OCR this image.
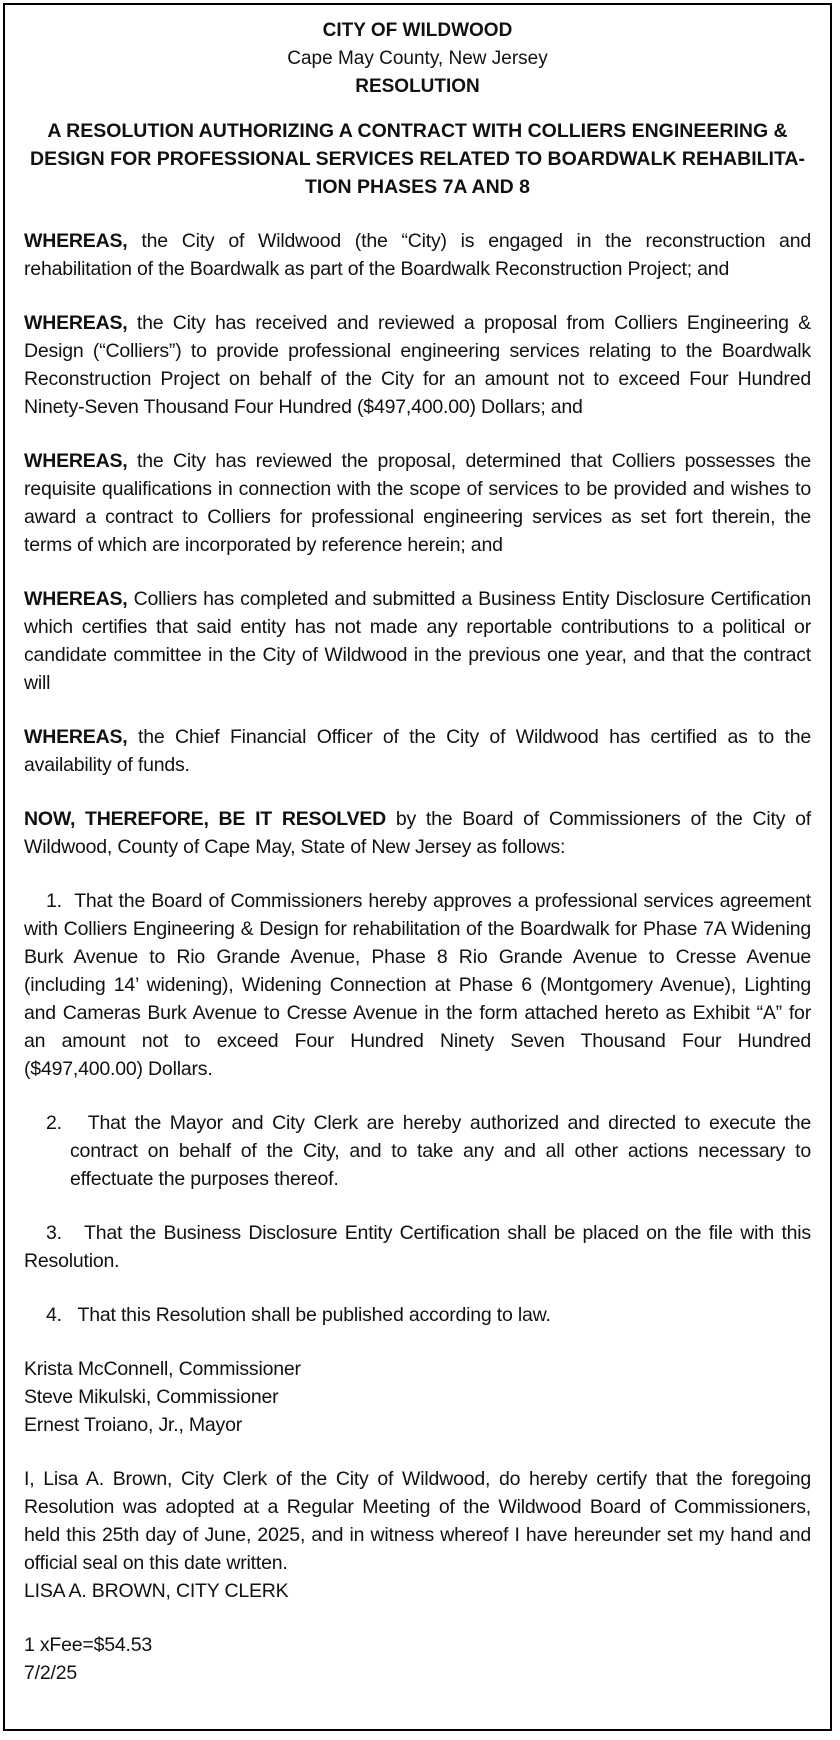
CITY OF WILDWOOD
Cape May County, New Jersey
RESOLUTION
A RESOLUTION AUTHORIZING A CONTRACT WITH COLLIERS ENGINEERING & DESIGN FOR PROFESSIONAL SERVICES RELATED TO BOARDWALK REHABILITA-TION PHASES 7A AND 8

WHEREAS, the City of Wildwood (the “City) is engaged in the reconstruction and rehabilitation of the Boardwalk as part of the Boardwalk Reconstruction Project; and

WHEREAS, the City has received and reviewed a proposal from Colliers Engineering & Design (“Colliers”) to provide professional engineering services relating to the Boardwalk Reconstruction Project on behalf of the City for an amount not to exceed Four Hundred Ninety-Seven Thousand Four Hundred ($497,400.00) Dollars; and

WHEREAS, the City has reviewed the proposal, determined that Colliers possesses the requisite qualifications in connection with the scope of services to be provided and wishes to award a contract to Colliers for professional engineering services as set fort therein, the terms of which are incorporated by reference herein; and

WHEREAS, Colliers has completed and submitted a Business Entity Disclosure Certification which certifies that said entity has not made any reportable contributions to a political or candidate committee in the City of Wildwood in the previous one year, and that the contract will

WHEREAS, the Chief Financial Officer of the City of Wildwood has certified as to the availability of funds.

NOW, THEREFORE, BE IT RESOLVED by the Board of Commissioners of the City of Wildwood, County of Cape May, State of New Jersey as follows:

1. That the Board of Commissioners hereby approves a professional services agreement with Colliers Engineering & Design for rehabilitation of the Boardwalk for Phase 7A Widening Burk Avenue to Rio Grande Avenue, Phase 8 Rio Grande Avenue to Cresse Avenue (including 14’ widening), Widening Connection at Phase 6 (Montgomery Avenue), Lighting and Cameras Burk Avenue to Cresse Avenue in the form attached hereto as Exhibit “A” for an amount not to exceed Four Hundred Ninety Seven Thousand Four Hundred ($497,400.00) Dollars.

2. That the Mayor and City Clerk are hereby authorized and directed to execute the contract on behalf of the City, and to take any and all other actions necessary to effectuate the purposes thereof.

3. That the Business Disclosure Entity Certification shall be placed on the file with this Resolution.

4. That this Resolution shall be published according to law.

Krista McConnell, Commissioner

Steve Mikulski, Commissioner

Ernest Troiano, Jr., Mayor

I, Lisa A. Brown, City Clerk of the City of Wildwood, do hereby certify that the foregoing Resolution was adopted at a Regular Meeting of the Wildwood Board of Commissioners, held this 25th day of June, 2025, and in witness whereof I have hereunder set my hand and official seal on this date written.

LISA A. BROWN, CITY CLERK

1 xFee=$54.53

7/2/25
